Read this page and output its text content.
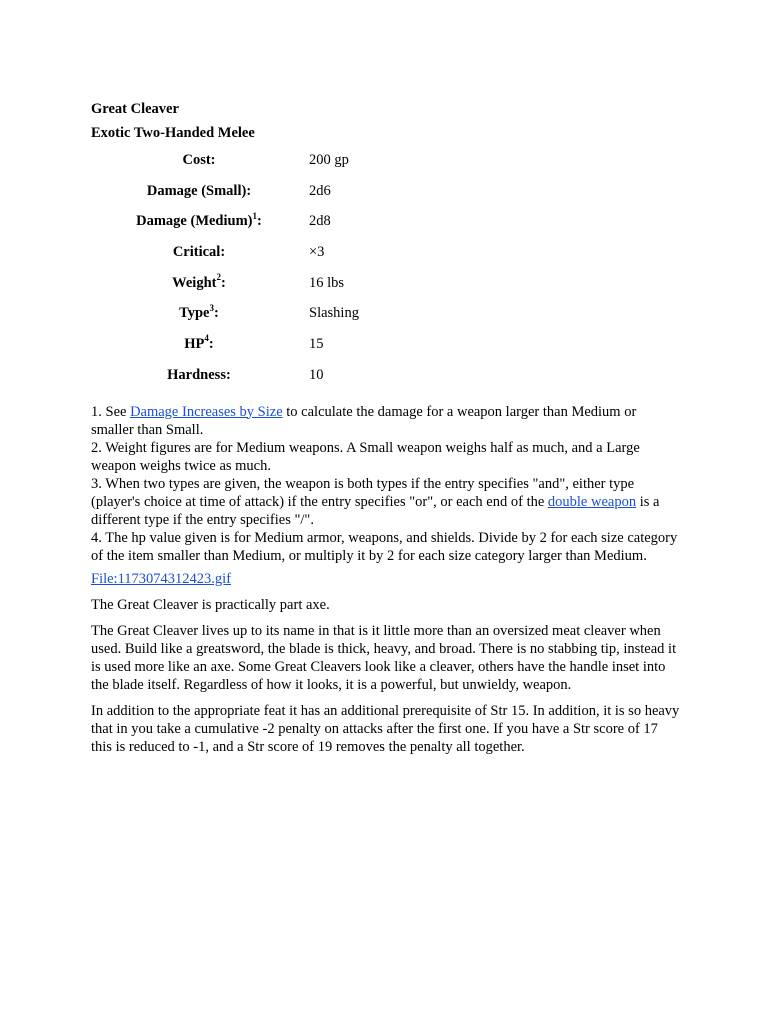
Great Cleaver
Exotic Two-Handed Melee
Cost:	200 gp
Damage (Small):	2d6
Damage (Medium)$^1$:	2d8
Critical:	×3
Weight$^2$:	16 lbs
Type$^3$:	Slashing
$HP^4$:	15
Hardness:	10

1. See Damage Increases by Size to calculate the damage for a weapon larger than Medium or smaller than Small.

2. Weight figures are for Medium weapons. A Small weapon weighs half as much, and a Large weapon weighs twice as much.

3. When two types are given, the weapon is both types if the entry specifies "and", either type (player's choice at time of attack) if the entry specifies "or", or each end of the double weapon is a different type if the entry specifies "/".

4. The hp value given is for Medium armor, weapons, and shields. Divide by 2 for each size category of the item smaller than Medium, or multiply it by 2 for each size category larger than Medium.

File:1173074312423.gif

The Great Cleaver is practically part axe.

The Great Cleaver lives up to its name in that is it little more than an oversized meat cleaver when used. Build like a greatsword, the blade is thick, heavy, and broad. There is no stabbing tip, instead it is used more like an axe. Some Great Cleavers look like a cleaver, others have the handle inset into the blade itself. Regardless of how it looks, it is a powerful, but unwieldy, weapon.

In addition to the appropriate feat it has an additional prerequisite of Str 15. In addition, it is so heavy that in you take a cumulative -2 penalty on attacks after the first one. If you have a Str score of 17 this is reduced to -1, and a Str score of 19 removes the penalty all together.
